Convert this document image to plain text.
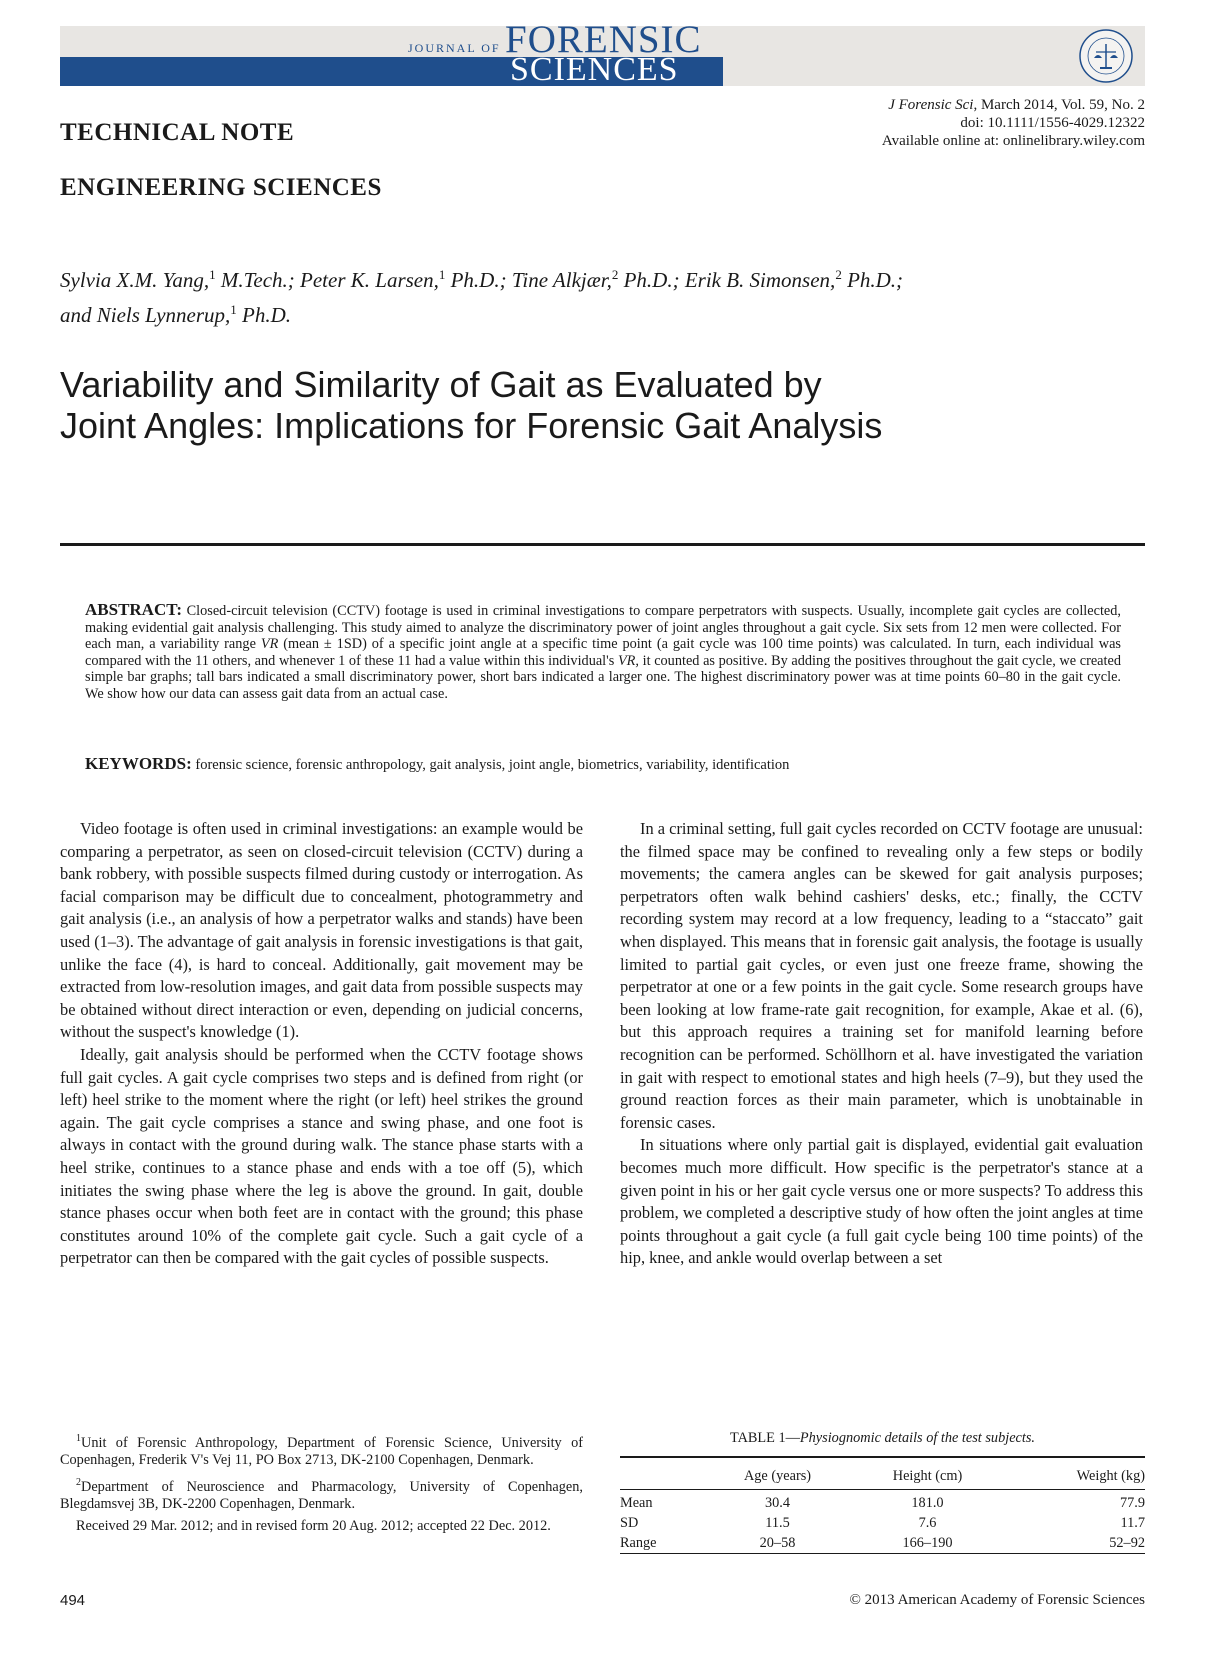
JOURNAL OF FORENSIC
SCIENCES
J Forensic Sci, March 2014, Vol. 59, No. 2
doi: 10.1111/1556-4029.12322
Available online at: onlinelibrary.wiley.com
TECHNICAL NOTE
ENGINEERING SCIENCES
Sylvia X.M. Yang,$^1$ M.Tech.; Peter K. Larsen,$^1$ Ph.D.; Tine Alkjær,$^2$ Ph.D.; Erik B. Simonsen,$^2$ Ph.D.;
and Niels Lynnerup,$^1$ Ph.D.
Variability and Similarity of Gait as Evaluated by Joint Angles: Implications for Forensic Gait Analysis
ABSTRACT: Closed-circuit television (CCTV) footage is used in criminal investigations to compare perpetrators with suspects. Usually, incomplete gait cycles are collected, making evidential gait analysis challenging. This study aimed to analyze the discriminatory power of joint angles throughout a gait cycle. Six sets from 12 men were collected. For each man, a variability range VR (mean ± 1SD) of a specific joint angle at a specific time point (a gait cycle was 100 time points) was calculated. In turn, each individual was compared with the 11 others, and whenever 1 of these 11 had a value within this individual's VR, it counted as positive. By adding the positives throughout the gait cycle, we created simple bar graphs; tall bars indicated a small discriminatory power, short bars indicated a larger one. The highest discriminatory power was at time points 60–80 in the gait cycle. We show how our data can assess gait data from an actual case.
KEYWORDS: forensic science, forensic anthropology, gait analysis, joint angle, biometrics, variability, identification

Video footage is often used in criminal investigations: an example would be comparing a perpetrator, as seen on closed-circuit television (CCTV) during a bank robbery, with possible suspects filmed during custody or interrogation. As facial comparison may be difficult due to concealment, photogrammetry and gait analysis (i.e., an analysis of how a perpetrator walks and stands) have been used (1–3). The advantage of gait analysis in forensic investigations is that gait, unlike the face (4), is hard to conceal. Additionally, gait movement may be extracted from low-resolution images, and gait data from possible suspects may be obtained without direct interaction or even, depending on judicial concerns, without the suspect's knowledge (1).

Ideally, gait analysis should be performed when the CCTV footage shows full gait cycles. A gait cycle comprises two steps and is defined from right (or left) heel strike to the moment where the right (or left) heel strikes the ground again. The gait cycle comprises a stance and swing phase, and one foot is always in contact with the ground during walk. The stance phase starts with a heel strike, continues to a stance phase and ends with a toe off (5), which initiates the swing phase where the leg is above the ground. In gait, double stance phases occur when both feet are in contact with the ground; this phase constitutes around 10% of the complete gait cycle. Such a gait cycle of a perpetrator can then be compared with the gait cycles of possible suspects.

In a criminal setting, full gait cycles recorded on CCTV footage are unusual: the filmed space may be confined to revealing only a few steps or bodily movements; the camera angles can be skewed for gait analysis purposes; perpetrators often walk behind cashiers' desks, etc.; finally, the CCTV recording system may record at a low frequency, leading to a “staccato” gait when displayed. This means that in forensic gait analysis, the footage is usually limited to partial gait cycles, or even just one freeze frame, showing the perpetrator at one or a few points in the gait cycle. Some research groups have been looking at low frame-rate gait recognition, for example, Akae et al. (6), but this approach requires a training set for manifold learning before recognition can be performed. Schöllhorn et al. have investigated the variation in gait with respect to emotional states and high heels (7–9), but they used the ground reaction forces as their main parameter, which is unobtainable in forensic cases.

In situations where only partial gait is displayed, evidential gait evaluation becomes much more difficult. How specific is the perpetrator's stance at a given point in his or her gait cycle versus one or more suspects? To address this problem, we completed a descriptive study of how often the joint angles at time points throughout a gait cycle (a full gait cycle being 100 time points) of the hip, knee, and ankle would overlap between a set

$^1$Unit of Forensic Anthropology, Department of Forensic Science, University of Copenhagen, Frederik V's Vej 11, PO Box 2713, DK-2100 Copenhagen, Denmark.

$^2$Department of Neuroscience and Pharmacology, University of Copenhagen, Blegdamsvej 3B, DK-2200 Copenhagen, Denmark.

Received 29 Mar. 2012; and in revised form 20 Aug. 2012; accepted 22 Dec. 2012.

TABLE 1—Physiognomic details of the test subjects.
	Age (years)	Height (cm)	Weight (kg)
Mean	30.4	181.0	77.9
SD	11.5	7.6	11.7
Range	20–58	166–190	52–92
494	© 2013 American Academy of Forensic Sciences
